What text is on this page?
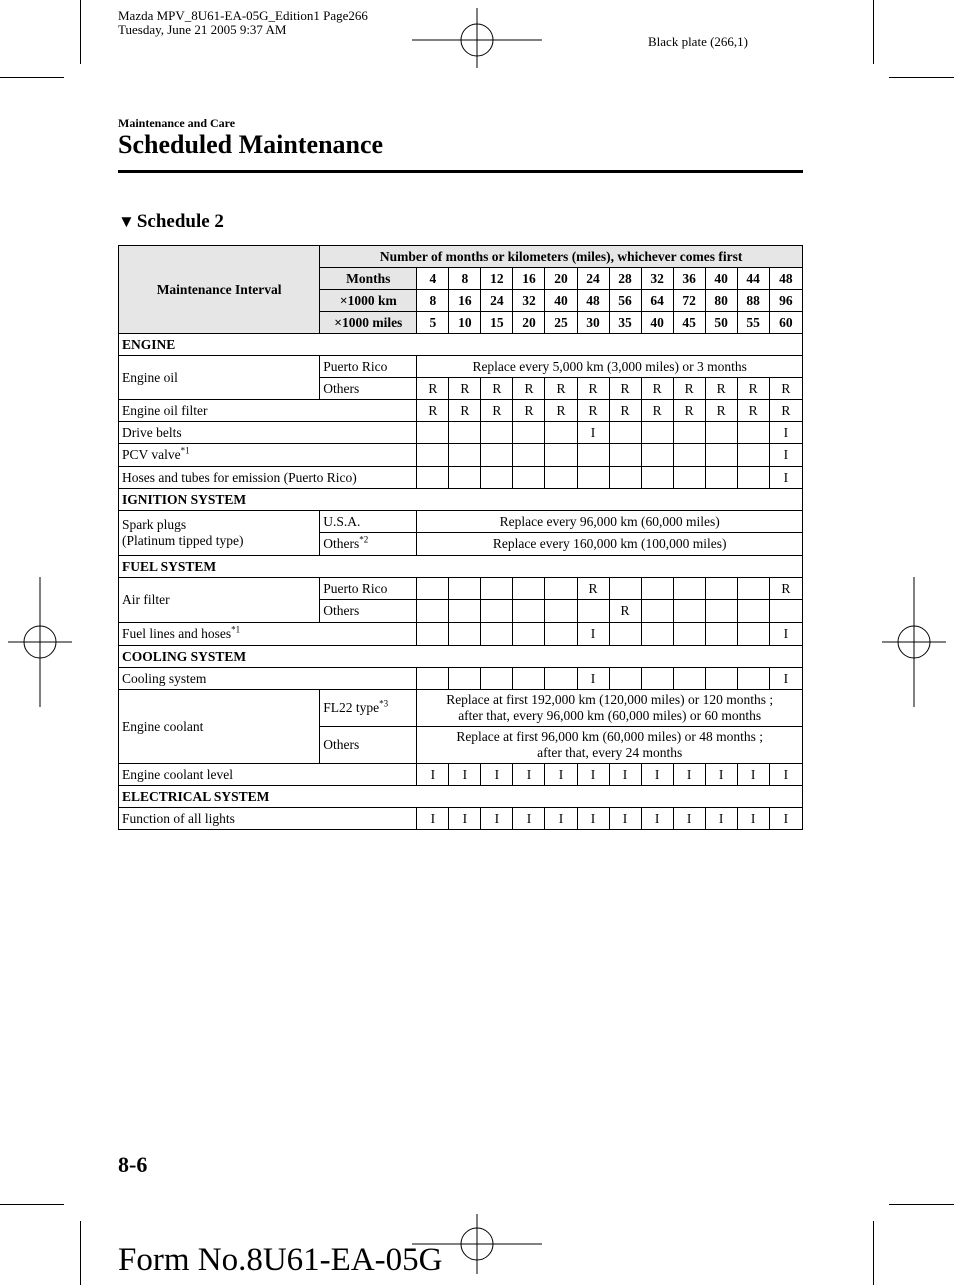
Mazda MPV_8U61-EA-05G_Edition1 Page266
Tuesday, June 21 2005 9:37 AM
Black plate (266,1)
Maintenance and Care
Scheduled Maintenance
▼ Schedule 2
Maintenance Interval	Number of months or kilometers (miles), whichever comes first												
	Months	4	8	12	16	20	24	28	32	36	40	44	48
	×1000 km	8	16	24	32	40	48	56	64	72	80	88	96
	×1000 miles	5	10	15	20	25	30	35	40	45	50	55	60
ENGINE													
Engine oil	Puerto Rico	Replace every 5,000 km (3,000 miles) or 3 months											
	Others	R	R	R	R	R	R	R	R	R	R	R	R
Engine oil filter		R	R	R	R	R	R	R	R	R	R	R	R
Drive belts							I						I
PCV valve$^{*1}$													I
Hoses and tubes for emission (Puerto Rico)													I
IGNITION SYSTEM													

Spark plugs
(Platinum tipped type)	U.S.A.	Replace every 96,000 km (60,000 miles)											
	Others$^{*2}$	Replace every 160,000 km (100,000 miles)											
FUEL SYSTEM													
Air filter	Puerto Rico						R						R
	Others							R					
Fuel lines and hoses$^{*1}$							I						I
COOLING SYSTEM													
Cooling system							I						I
Engine coolant	FL22 type$^{*3}$	Replace at first 192,000 km (120,000 miles) or 120 months ;
after that, every 96,000 km (60,000 miles) or 60 months											

	Others	Replace at first 96,000 km (60,000 miles) or 48 months ;
after that, every 24 months											

Engine coolant level		I	I	I	I	I	I	I	I	I	I	I	I
ELECTRICAL SYSTEM													
Function of all lights		I	I	I	I	I	I	I	I	I	I	I	I
8-6
Form No.8U61-EA-05G
